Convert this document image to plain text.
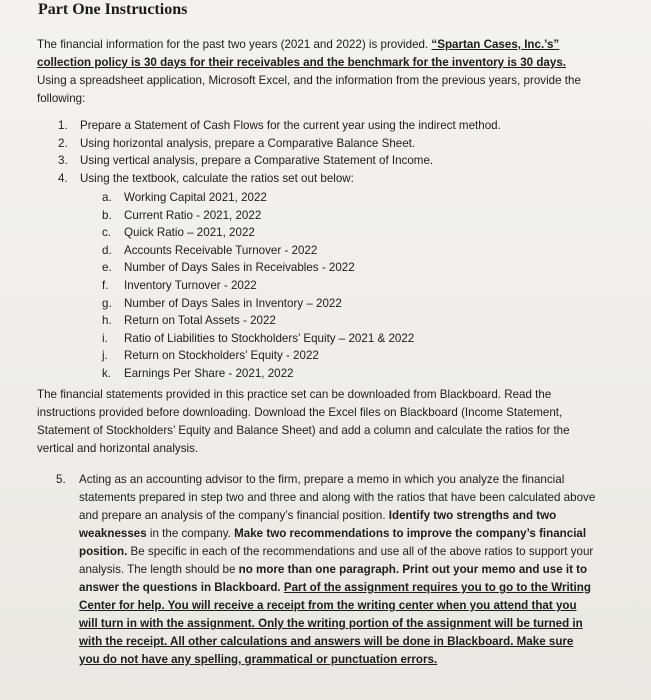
Part One Instructions
The financial information for the past two years (2021 and 2022) is provided. “Spartan Cases, Inc.’s” collection policy is 30 days for their receivables and the benchmark for the inventory is 30 days. Using a spreadsheet application, Microsoft Excel, and the information from the previous years, provide the following:
1. Prepare a Statement of Cash Flows for the current year using the indirect method.
2. Using horizontal analysis, prepare a Comparative Balance Sheet.
3. Using vertical analysis, prepare a Comparative Statement of Income.
4. Using the textbook, calculate the ratios set out below:
a. Working Capital 2021, 2022
b. Current Ratio - 2021, 2022
c. Quick Ratio – 2021, 2022
d. Accounts Receivable Turnover - 2022
e. Number of Days Sales in Receivables - 2022
f. Inventory Turnover - 2022
g. Number of Days Sales in Inventory – 2022
h. Return on Total Assets - 2022
i. Ratio of Liabilities to Stockholders’ Equity – 2021 & 2022
j. Return on Stockholders’ Equity - 2022
k. Earnings Per Share - 2021, 2022
The financial statements provided in this practice set can be downloaded from Blackboard. Read the instructions provided before downloading. Download the Excel files on Blackboard (Income Statement, Statement of Stockholders’ Equity and Balance Sheet) and add a column and calculate the ratios for the vertical and horizontal analysis.
5. Acting as an accounting advisor to the firm, prepare a memo in which you analyze the financial statements prepared in step two and three and along with the ratios that have been calculated above and prepare an analysis of the company’s financial position. Identify two strengths and two weaknesses in the company. Make two recommendations to improve the company’s financial position. Be specific in each of the recommendations and use all of the above ratios to support your analysis. The length should be no more than one paragraph. Print out your memo and use it to answer the questions in Blackboard. Part of the assignment requires you to go to the Writing Center for help. You will receive a receipt from the writing center when you attend that you will turn in with the assignment. Only the writing portion of the assignment will be turned in with the receipt. All other calculations and answers will be done in Blackboard. Make sure you do not have any spelling, grammatical or punctuation errors.
